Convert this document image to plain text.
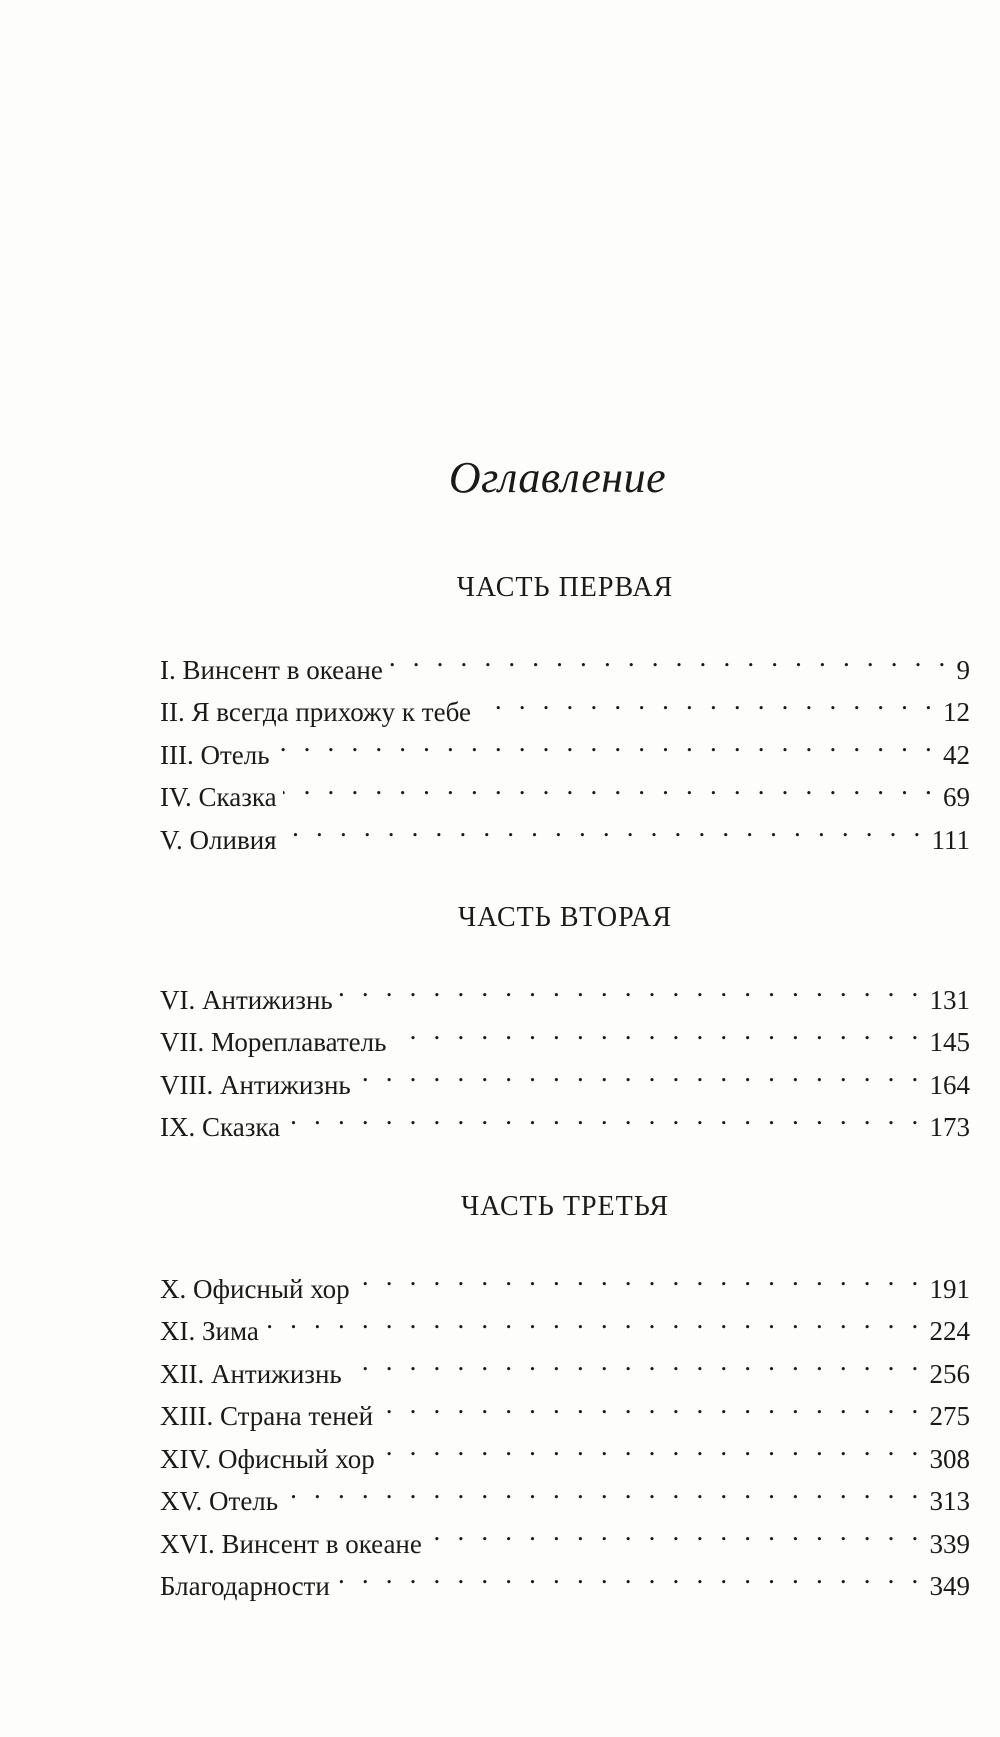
Оглавление
ЧАСТЬ ПЕРВАЯ
I. Винсент в океане . . .	9
II. Я всегда прихожу к тебе . . .	12
III. Отель . . .	42
IV. Сказка . . .	69
V. Оливия . . .	111
ЧАСТЬ ВТОРАЯ
VI. Антижизнь . . .	131
VII. Мореплаватель . . .	145
VIII. Антижизнь . . .	164
IX. Сказка . . .	173
ЧАСТЬ ТРЕТЬЯ
X. Офисный хор . . .	191
XI. Зима . . .	224
XII. Антижизнь . . .	256
XIII. Страна теней . . .	275
XIV. Офисный хор . . .	308
XV. Отель . . .	313
XVI. Винсент в океане . . .	339
Благодарности . . .	349
